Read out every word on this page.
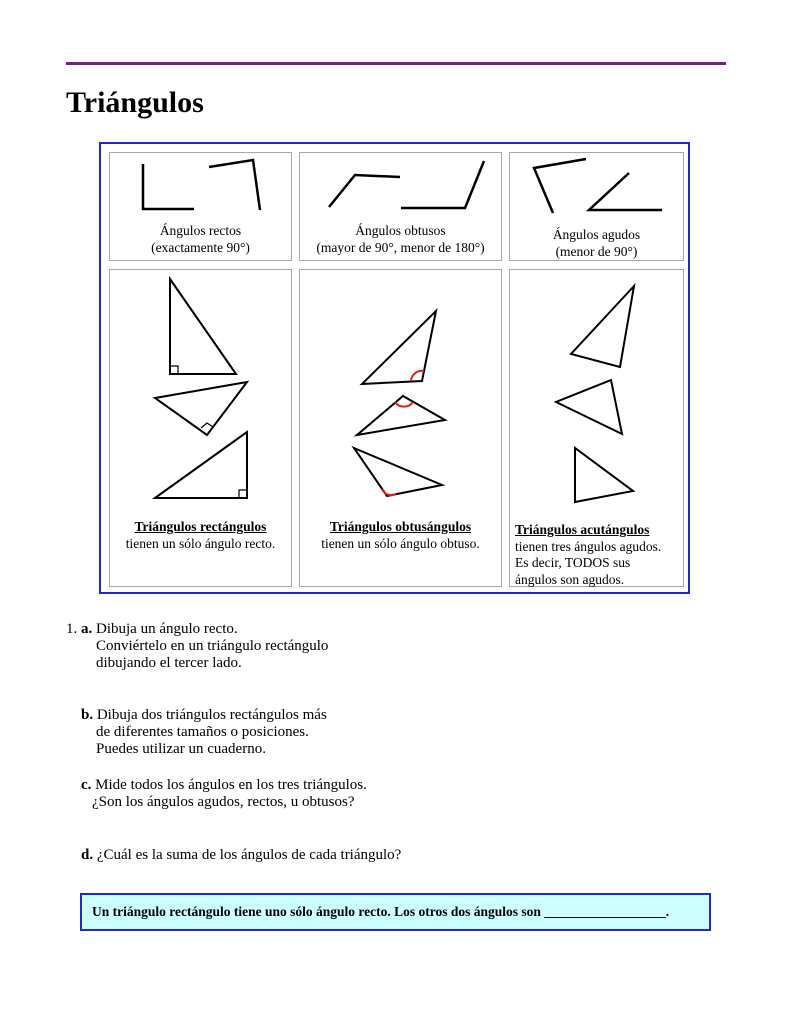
Triángulos
Ángulos rectos
(exactamente 90°)
Ángulos obtusos
(mayor de 90°, menor de 180°)
Ángulos agudos
(menor de 90°)
Triángulos rectángulos
tienen un sólo ángulo recto.
Triángulos obtusángulos
tienen un sólo ángulo obtuso.
Triángulos acutángulos
tienen tres ángulos agudos.
Es decir, TODOS sus
ángulos son agudos.
1. a. Dibuja un ángulo recto.
Conviértelo en un triángulo rectángulo
dibujando el tercer lado.
b. Dibuja dos triángulos rectángulos más
de diferentes tamaños o posiciones.
Puedes utilizar un cuaderno.
c. Mide todos los ángulos en los tres triángulos.
¿Son los ángulos agudos, rectos, u obtusos?
d. ¿Cuál es la suma de los ángulos de cada triángulo?
Un triángulo rectángulo tiene uno sólo ángulo recto. Los otros dos ángulos son __________________.
